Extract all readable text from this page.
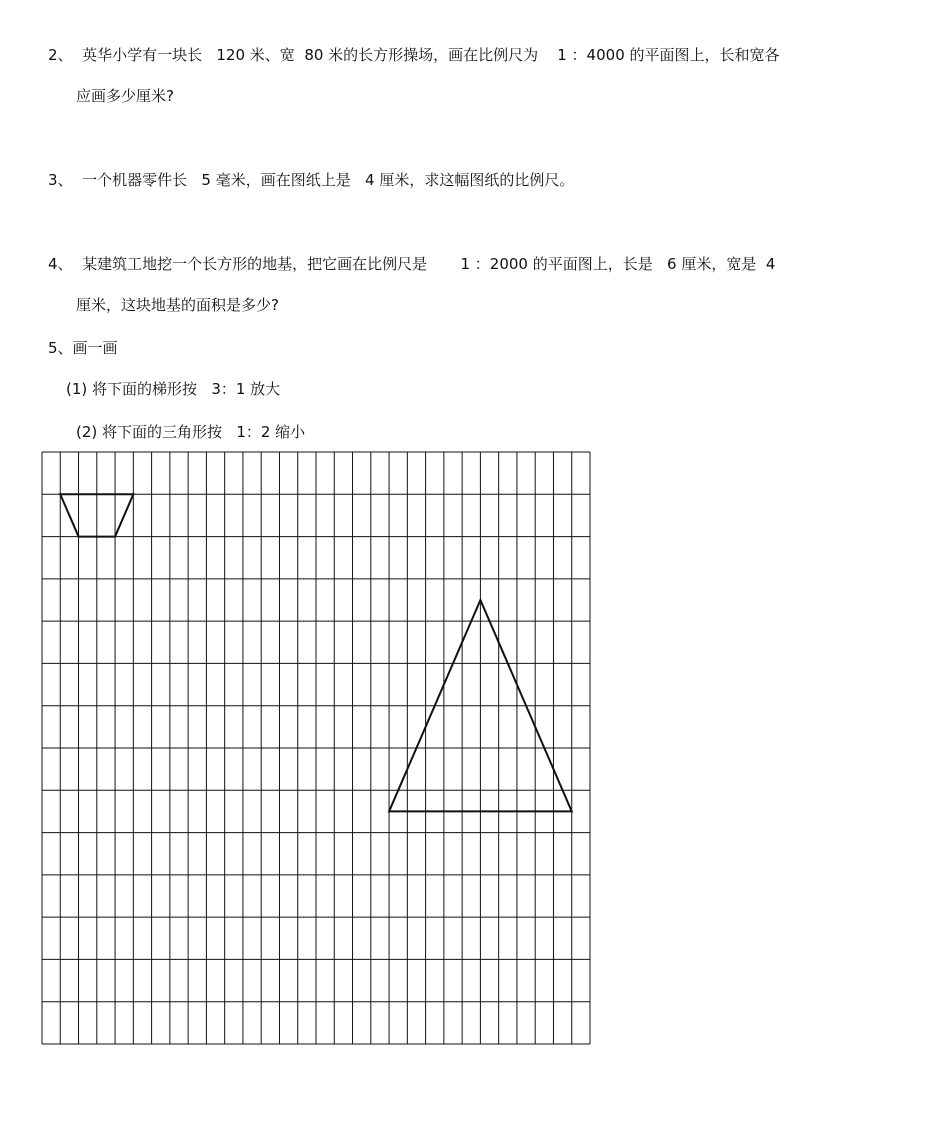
2、  英华小学有一块长   120 米、宽  80 米的长方形操场，画在比例尺为    1 ：4000 的平面图上，长和宽各
应画多少厘米?
3、  一个机器零件长   5 毫米，画在图纸上是   4 厘米，求这幅图纸的比例尺。
4、  某建筑工地挖一个长方形的地基，把它画在比例尺是       1 ：2000 的平面图上，长是   6 厘米，宽是  4
厘米，这块地基的面积是多少?
5、画一画
(1) 将下面的梯形按   3：1 放大
(2) 将下面的三角形按   1：2 缩小
